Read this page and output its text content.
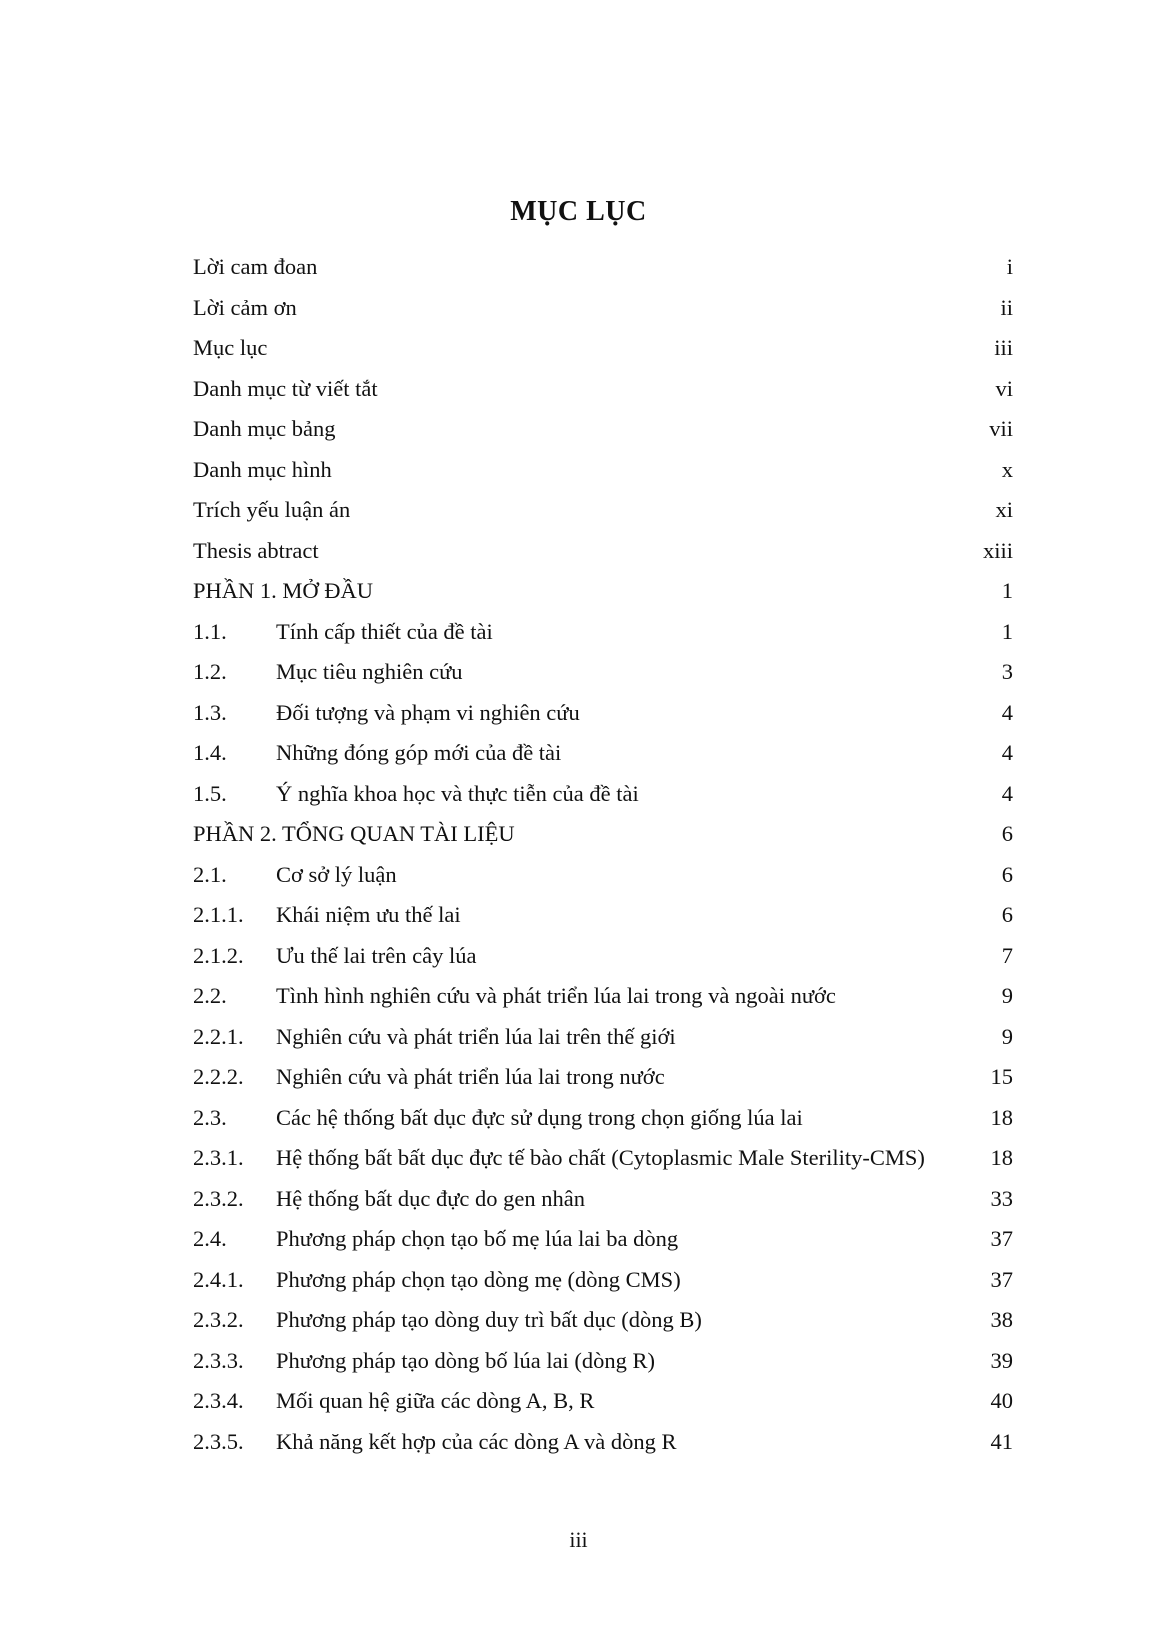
MỤC LỤC
Lời cam đoan	i
Lời cảm ơn	ii
Mục lục	iii
Danh mục từ viết tắt	vi
Danh mục bảng	vii
Danh mục hình	x
Trích yếu luận án	xi
Thesis abtract	xiii
PHẦN 1. MỞ ĐẦU	1
1.1. Tính cấp thiết của đề tài	1
1.2. Mục tiêu nghiên cứu	3
1.3. Đối tượng và phạm vi nghiên cứu	4
1.4. Những đóng góp mới của đề tài	4
1.5. Ý nghĩa khoa học và thực tiễn của đề tài	4
PHẦN 2. TỔNG QUAN TÀI LIỆU	6
2.1. Cơ sở lý luận	6
2.1.1. Khái niệm ưu thế lai	6
2.1.2. Ưu thế lai trên cây lúa	7
2.2. Tình hình nghiên cứu và phát triển lúa lai trong và ngoài nước	9
2.2.1. Nghiên cứu và phát triển lúa lai trên thế giới	9
2.2.2. Nghiên cứu và phát triển lúa lai trong nước	15
2.3. Các hệ thống bất dục đực sử dụng trong chọn giống lúa lai	18
2.3.1. Hệ thống bất bất dục đực tế bào chất (Cytoplasmic Male Sterility-CMS)	18
2.3.2. Hệ thống bất dục đực do gen nhân	33
2.4. Phương pháp chọn tạo bố mẹ lúa lai ba dòng	37
2.4.1. Phương pháp chọn tạo dòng mẹ (dòng CMS)	37
2.3.2. Phương pháp tạo dòng duy trì bất dục (dòng B)	38
2.3.3. Phương pháp tạo dòng bố lúa lai (dòng R)	39
2.3.4. Mối quan hệ giữa các dòng A, B, R	40
2.3.5. Khả năng kết hợp của các dòng A và dòng R	41
iii
